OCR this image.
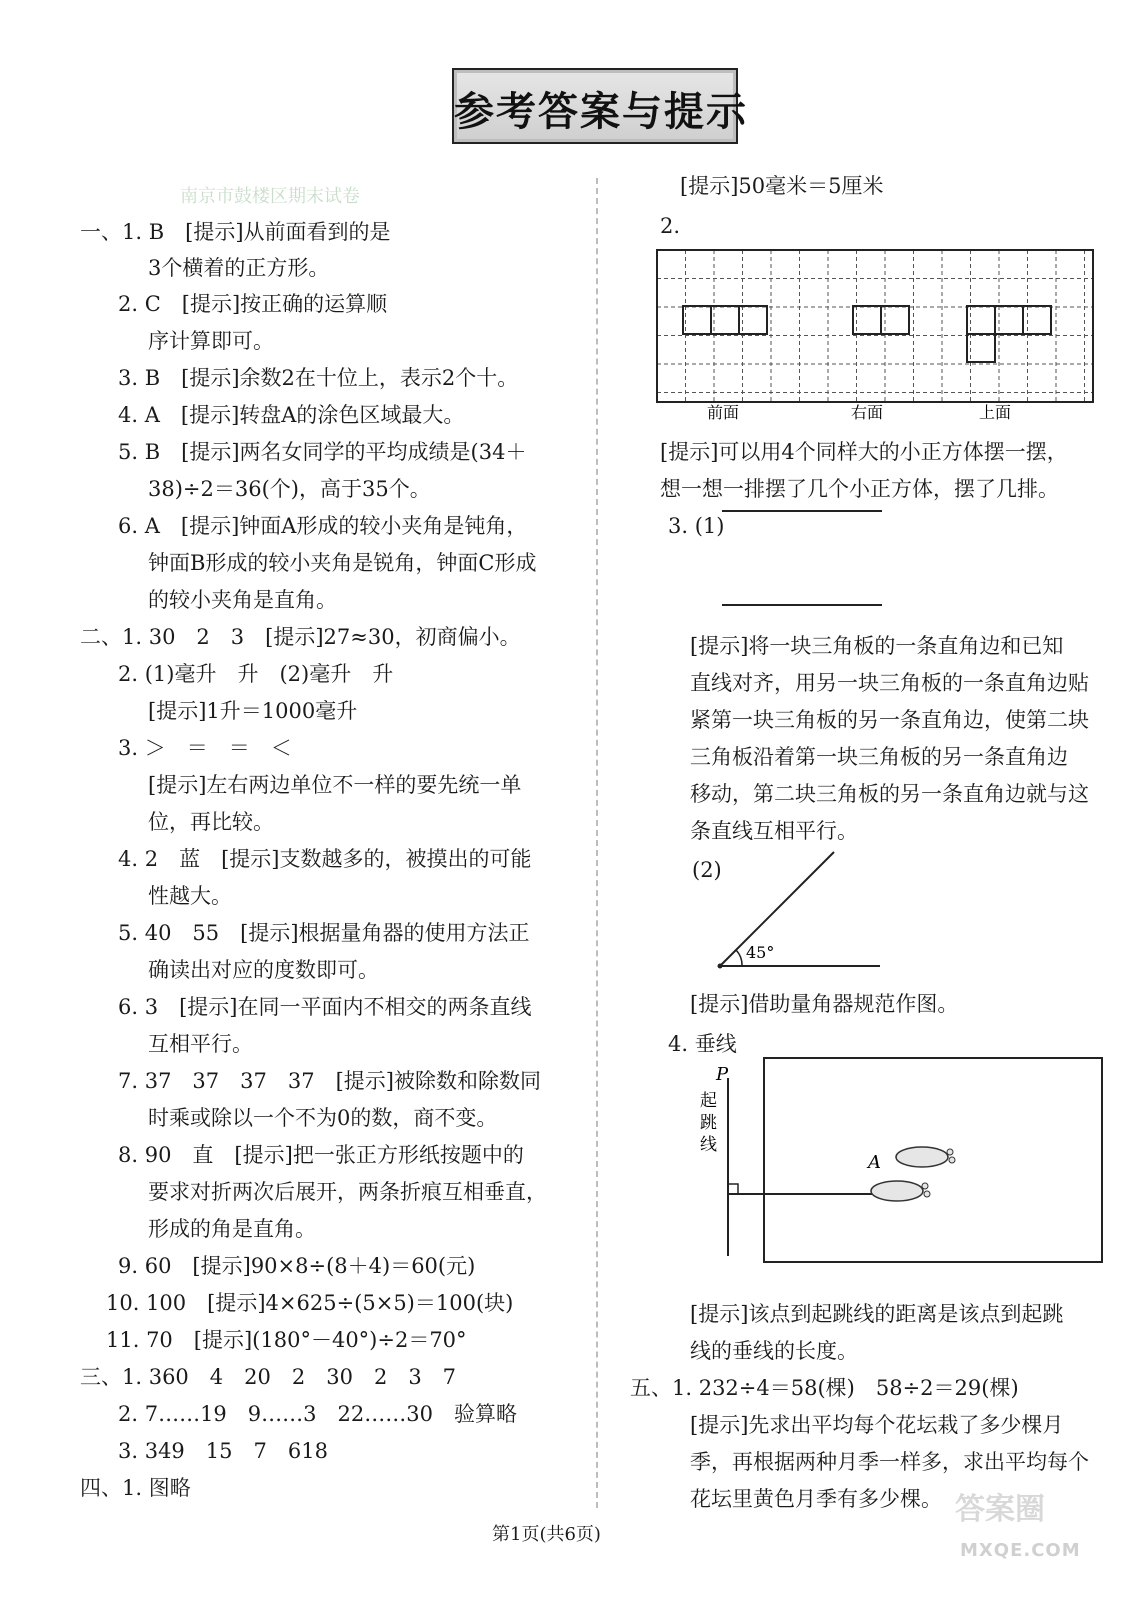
参考答案与提示
南京市鼓楼区期末试卷
一、1. B　[提示]从前面看到的是
3个横着的正方形。
2. C　[提示]按正确的运算顺
序计算即可。
3. B　[提示]余数2在十位上，表示2个十。
4. A　[提示]转盘A的涂色区域最大。
5. B　[提示]两名女同学的平均成绩是(34＋
38)÷2＝36(个)，高于35个。
6. A　[提示]钟面A形成的较小夹角是钝角，
钟面B形成的较小夹角是锐角，钟面C形成
的较小夹角是直角。
二、1. 30　2　3　[提示]27≈30，初商偏小。
2. (1)毫升　升　(2)毫升　升
[提示]1升＝1000毫升
3. ＞　＝　＝　＜
[提示]左右两边单位不一样的要先统一单
位，再比较。
4. 2　蓝　[提示]支数越多的，被摸出的可能
性越大。
5. 40　55　[提示]根据量角器的使用方法正
确读出对应的度数即可。
6. 3　[提示]在同一平面内不相交的两条直线
互相平行。
7. 37　37　37　37　[提示]被除数和除数同
时乘或除以一个不为0的数，商不变。
8. 90　直　[提示]把一张正方形纸按题中的
要求对折两次后展开，两条折痕互相垂直，
形成的角是直角。
9. 60　[提示]90×8÷(8＋4)＝60(元)
10. 100　[提示]4×625÷(5×5)＝100(块)
11. 70　[提示](180°－40°)÷2＝70°
三、1. 360　4　20　2　30　2　3　7
2. 7……19　9……3　22……30　验算略
3. 349　15　7　618
四、1. 图略
[提示]50毫米＝5厘米
2.
[提示]可以用4个同样大的小正方体摆一摆，
想一想一排摆了几个小正方体，摆了几排。
3. (1)
[提示]将一块三角板的一条直角边和已知
直线对齐，用另一块三角板的一条直角边贴
紧第一块三角板的另一条直角边，使第二块
三角板沿着第一块三角板的另一条直角边
移动，第二块三角板的另一条直角边就与这
条直线互相平行。
(2)
[提示]借助量角器规范作图。
4. 垂线
[提示]该点到起跳线的距离是该点到起跳
线的垂线的长度。
五、1. 232÷4＝58(棵)　58÷2＝29(棵)
[提示]先求出平均每个花坛栽了多少棵月
季，再根据两种月季一样多，求出平均每个
花坛里黄色月季有多少棵。
前面	右面	上面
45°
P
起跳线
A
第1页(共6页)
答案圈
MXQE.COM
